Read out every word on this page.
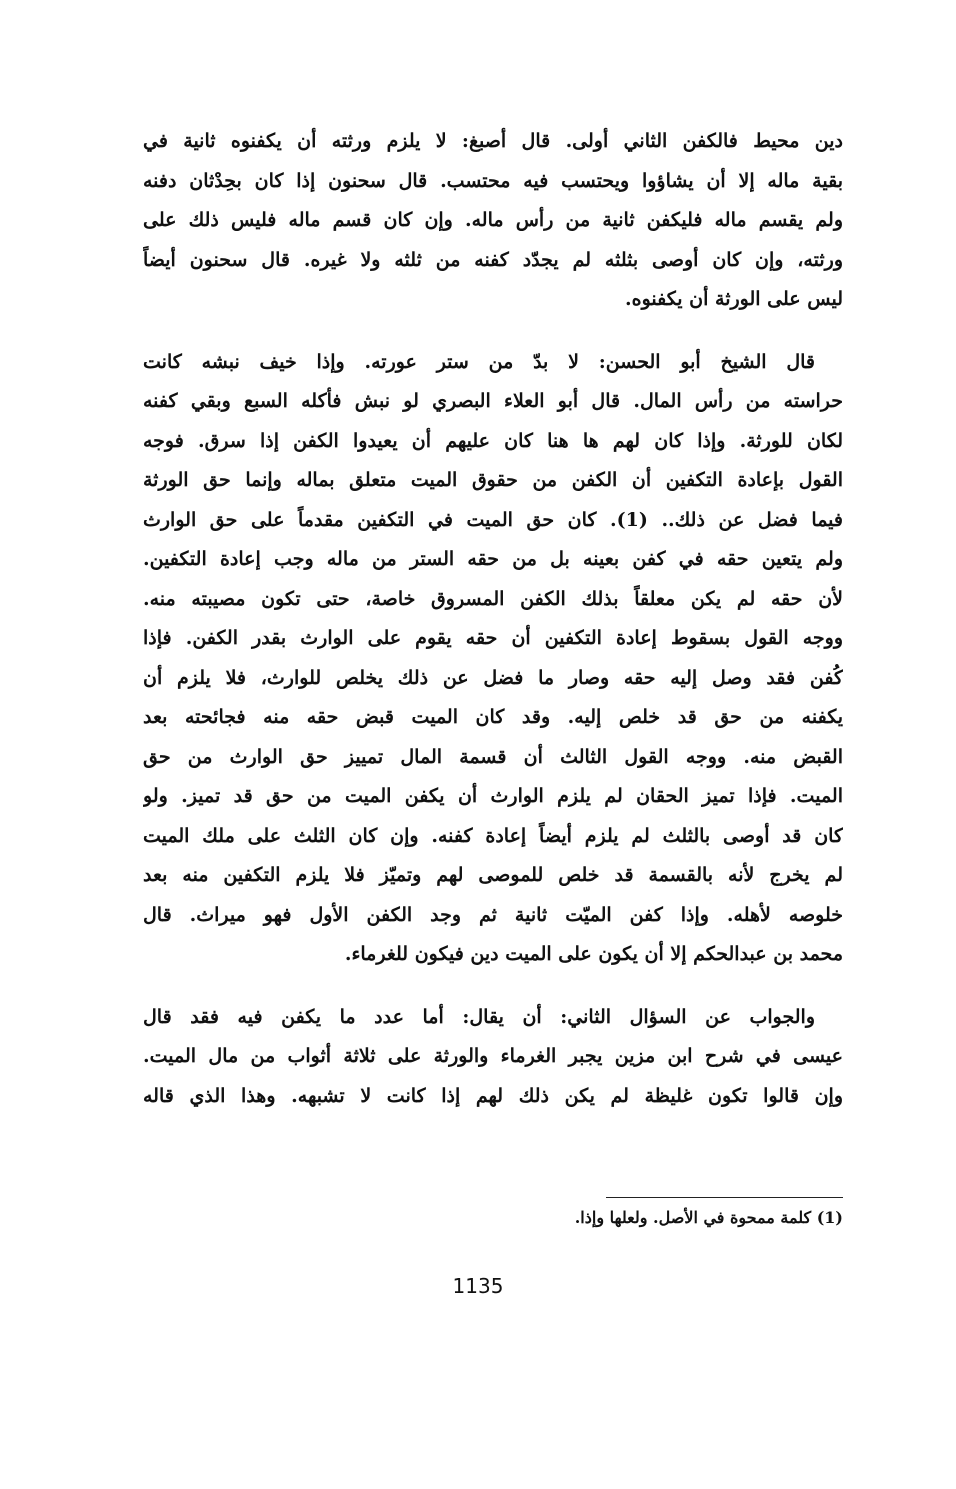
دين محيط فالكفن الثاني أولى. قال أصبغ: لا يلزم ورثته أن يكفنوه ثانية في
بقية ماله إلا أن يشاؤوا ويحتسب فيه محتسب. قال سحنون إذا كان بحِدْثان دفنه
ولم يقسم ماله فليكفن ثانية من رأس ماله. وإن كان قسم ماله فليس ذلك على
ورثته، وإن كان أوصى بثلثه لم يجدّد كفنه من ثلثه ولا غيره. قال سحنون أيضاً
ليس على الورثة أن يكفنوه.
قال الشيخ أبو الحسن: لا بدّ من ستر عورته. وإذا خيف نبشه كانت
حراسته من رأس المال. قال أبو العلاء البصري لو نبش فأكله السبع وبقي كفنه
لكان للورثة. وإذا كان لهم ها هنا كان عليهم أن يعيدوا الكفن إذا سرق. فوجه
القول بإعادة التكفين أن الكفن من حقوق الميت متعلق بماله وإنما حق الورثة
فيما فضل عن ذلك.. (1). كان حق الميت في التكفين مقدماً على حق الوارث
ولم يتعين حقه في كفن بعينه بل من حقه الستر من ماله وجب إعادة التكفين.
لأن حقه لم يكن معلقاً بذلك الكفن المسروق خاصة، حتى تكون مصيبته منه.
ووجه القول بسقوط إعادة التكفين أن حقه يقوم على الوارث بقدر الكفن. فإذا
كُفن فقد وصل إليه حقه وصار ما فضل عن ذلك يخلص للوارث، فلا يلزم أن
يكفنه من حق قد خلص إليه. وقد كان الميت قبض حقه منه فجائحته بعد
القبض منه. ووجه القول الثالث أن قسمة المال تمييز حق الوارث من حق
الميت. فإذا تميز الحقان لم يلزم الوارث أن يكفن الميت من حق قد تميز. ولو
كان قد أوصى بالثلث لم يلزم أيضاً إعادة كفنه. وإن كان الثلث على ملك الميت
لم يخرج لأنه بالقسمة قد خلص للموصى لهم وتميّز فلا يلزم التكفين منه بعد
خلوصه لأهله. وإذا كفن الميّت ثانية ثم وجد الكفن الأول فهو ميراث. قال
محمد بن عبدالحكم إلا أن يكون على الميت دين فيكون للغرماء.
والجواب عن السؤال الثاني: أن يقال: أما عدد ما يكفن فيه فقد قال
عيسى في شرح ابن مزين يجبر الغرماء والورثة على ثلاثة أثواب من مال الميت.
وإن قالوا تكون غليظة لم يكن ذلك لهم إذا كانت لا تشبهه. وهذا الذي قاله
(1) كلمة ممحوة في الأصل. ولعلها وإذا.
1135
